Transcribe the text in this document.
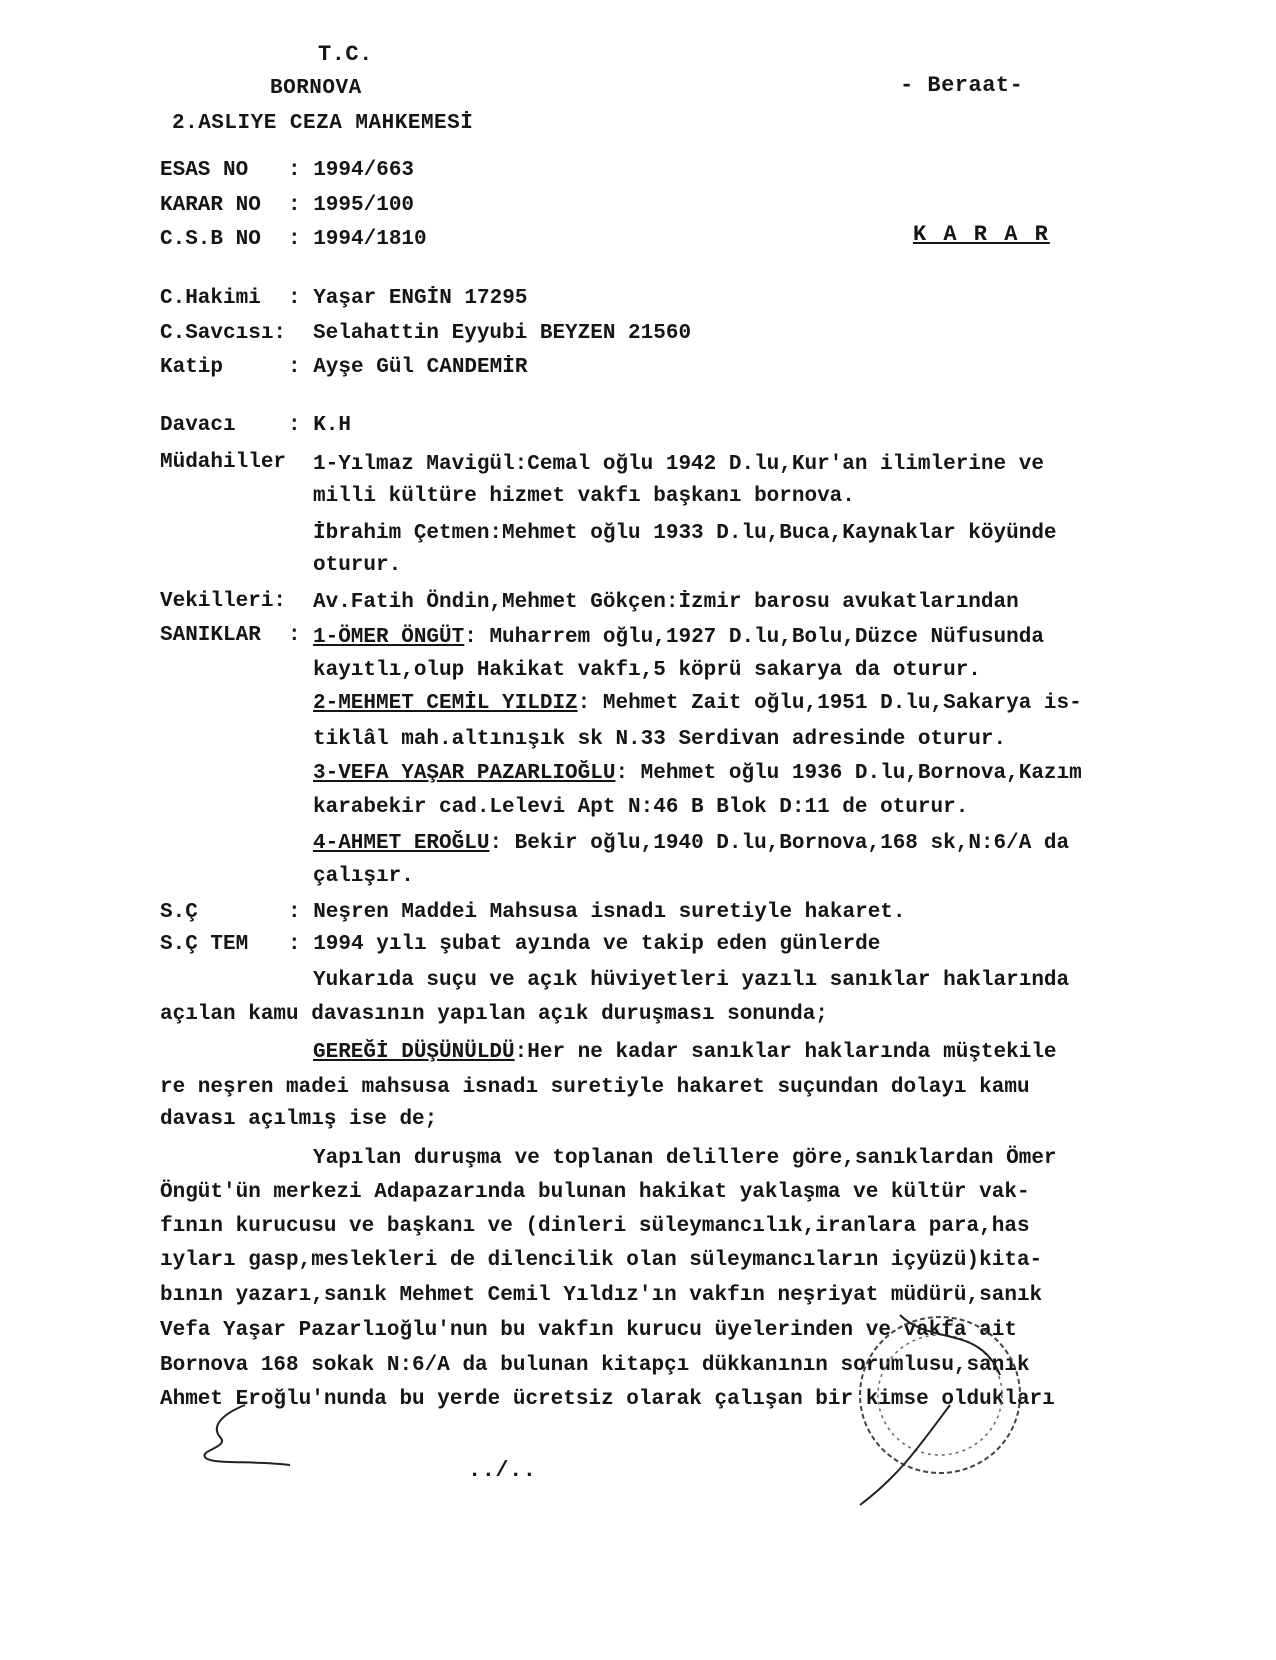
T.C.
BORNOVA
2.ASLIYE CEZA MAHKEMESİ
- Beraat-
K A R A R
ESAS NO : 1994/663
KARAR NO : 1995/100
C.S.B NO : 1994/1810
C.Hakimi : Yaşar ENGİN 17295
C.Savcısı: Selahattin Eyyubi BEYZEN 21560
Katip	: Ayşe Gül CANDEMİR
Davacı : K.H
Müdahiller 1-Yılmaz Mavigül:Cemal oğlu 1942 D.lu,Kur'an ilimlerine ve
milli kültüre hizmet vakfı başkanı bornova.
İbrahim Çetmen:Mehmet oğlu 1933 D.lu,Buca,Kaynaklar köyünde
oturur.
Vekilleri: Av.Fatih Öndin,Mehmet Gökçen:İzmir barosu avukatlarından
SANIKLAR : 1-ÖMER ÖNGÜT: Muharrem oğlu,1927 D.lu,Bolu,Düzce Nüfusunda
kayıtlı,olup Hakikat vakfı,5 köprü sakarya da oturur.
2-MEHMET CEMİL YILDIZ: Mehmet Zait oğlu,1951 D.lu,Sakarya is-
tiklâl mah.altınışık sk N.33 Serdivan adresinde oturur.
3-VEFA YAŞAR PAZARLIOĞLU: Mehmet oğlu 1936 D.lu,Bornova,Kazım
karabekir cad.Lelevi Apt N:46 B Blok D:11 de oturur.
4-AHMET EROĞLU: Bekir oğlu,1940 D.lu,Bornova,168 sk,N:6/A da
çalışır.
S.Ç	: Neşren Maddei Mahsusa isnadı suretiyle hakaret.
S.Ç TEM : 1994 yılı şubat ayında ve takip eden günlerde
Yukarıda suçu ve açık hüviyetleri yazılı sanıklar haklarında
açılan kamu davasının yapılan açık duruşması sonunda;
GEREĞİ DÜŞÜNÜLDÜ:Her ne kadar sanıklar haklarında müştekile
re neşren madei mahsusa isnadı suretiyle hakaret suçundan dolayı kamu
davası açılmış ise de;
Yapılan duruşma ve toplanan delillere göre,sanıklardan Ömer
Öngüt'ün merkezi Adapazarında bulunan hakikat yaklaşma ve kültür vak-
fının kurucusu ve başkanı ve (dinleri süleymancılık,iranlara para,has
ıyları gasp,meslekleri de dilencilik olan süleymancıların içyüzü)kita-
bının yazarı,sanık Mehmet Cemil Yıldız'ın vakfın neşriyat müdürü,sanık
Vefa Yaşar Pazarlıoğlu'nun bu vakfın kurucu üyelerinden ve vakfa ait
Bornova 168 sokak N:6/A da bulunan kitapçı dükkanının sorumlusu,sanık
Ahmet Eroğlu'nunda bu yerde ücretsiz olarak çalışan bir kimse oldukları
../..
